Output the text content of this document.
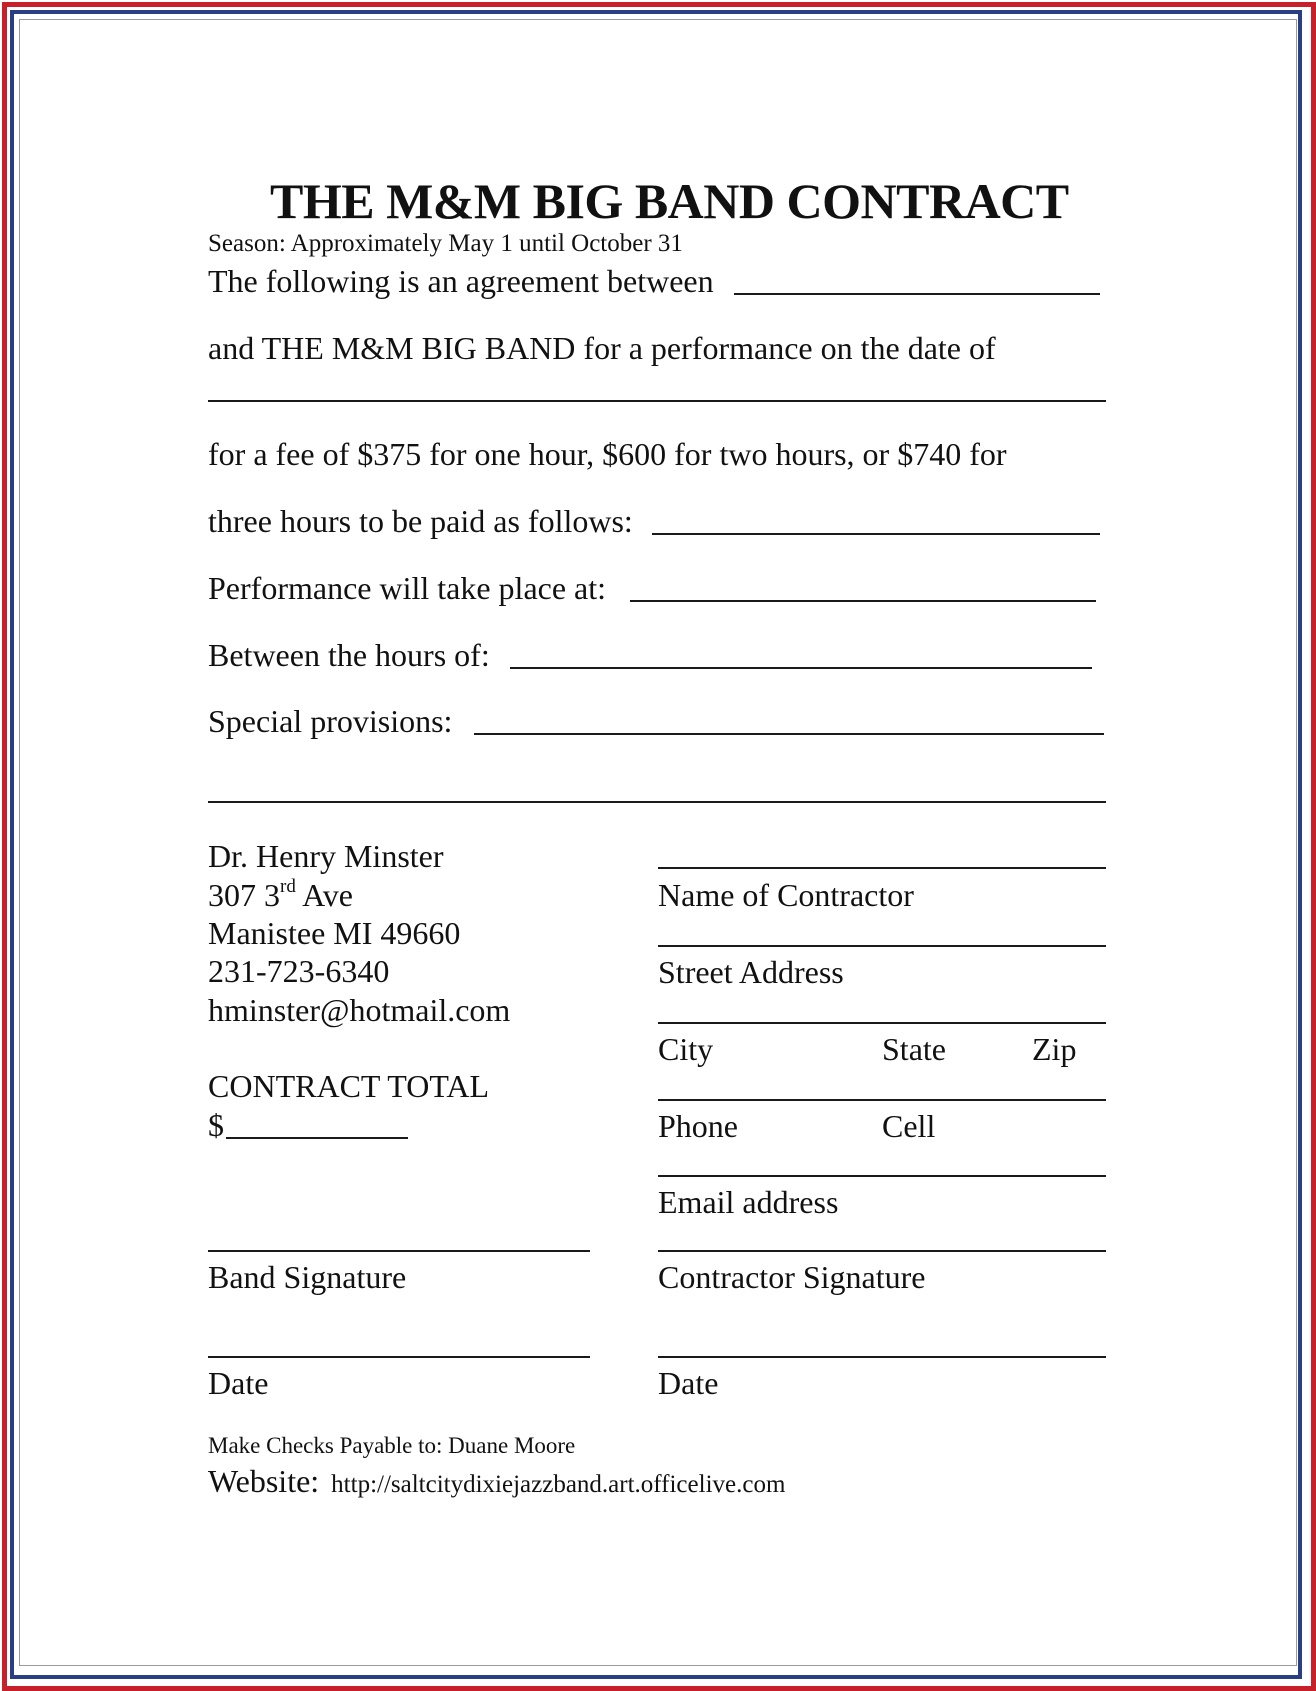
THE M&M BIG BAND CONTRACT
Season: Approximately May 1 until October 31
The following is an agreement between
and THE M&M BIG BAND for a performance on the date of
for a fee of $375 for one hour, $600 for two hours, or $740 for
three hours to be paid as follows:
Performance will take place at:
Between the hours of:
Special provisions:
Dr. Henry Minster
307 3rd Ave
Manistee MI 49660
231-723-6340
hminster@hotmail.com
CONTRACT TOTAL
$
Band Signature
Date
Name of Contractor
Street Address
City	State	Zip
Phone	Cell
Email address
Contractor Signature
Date
Make Checks Payable to: Duane Moore
Website: http://saltcitydixiejazzband.art.officelive.com
